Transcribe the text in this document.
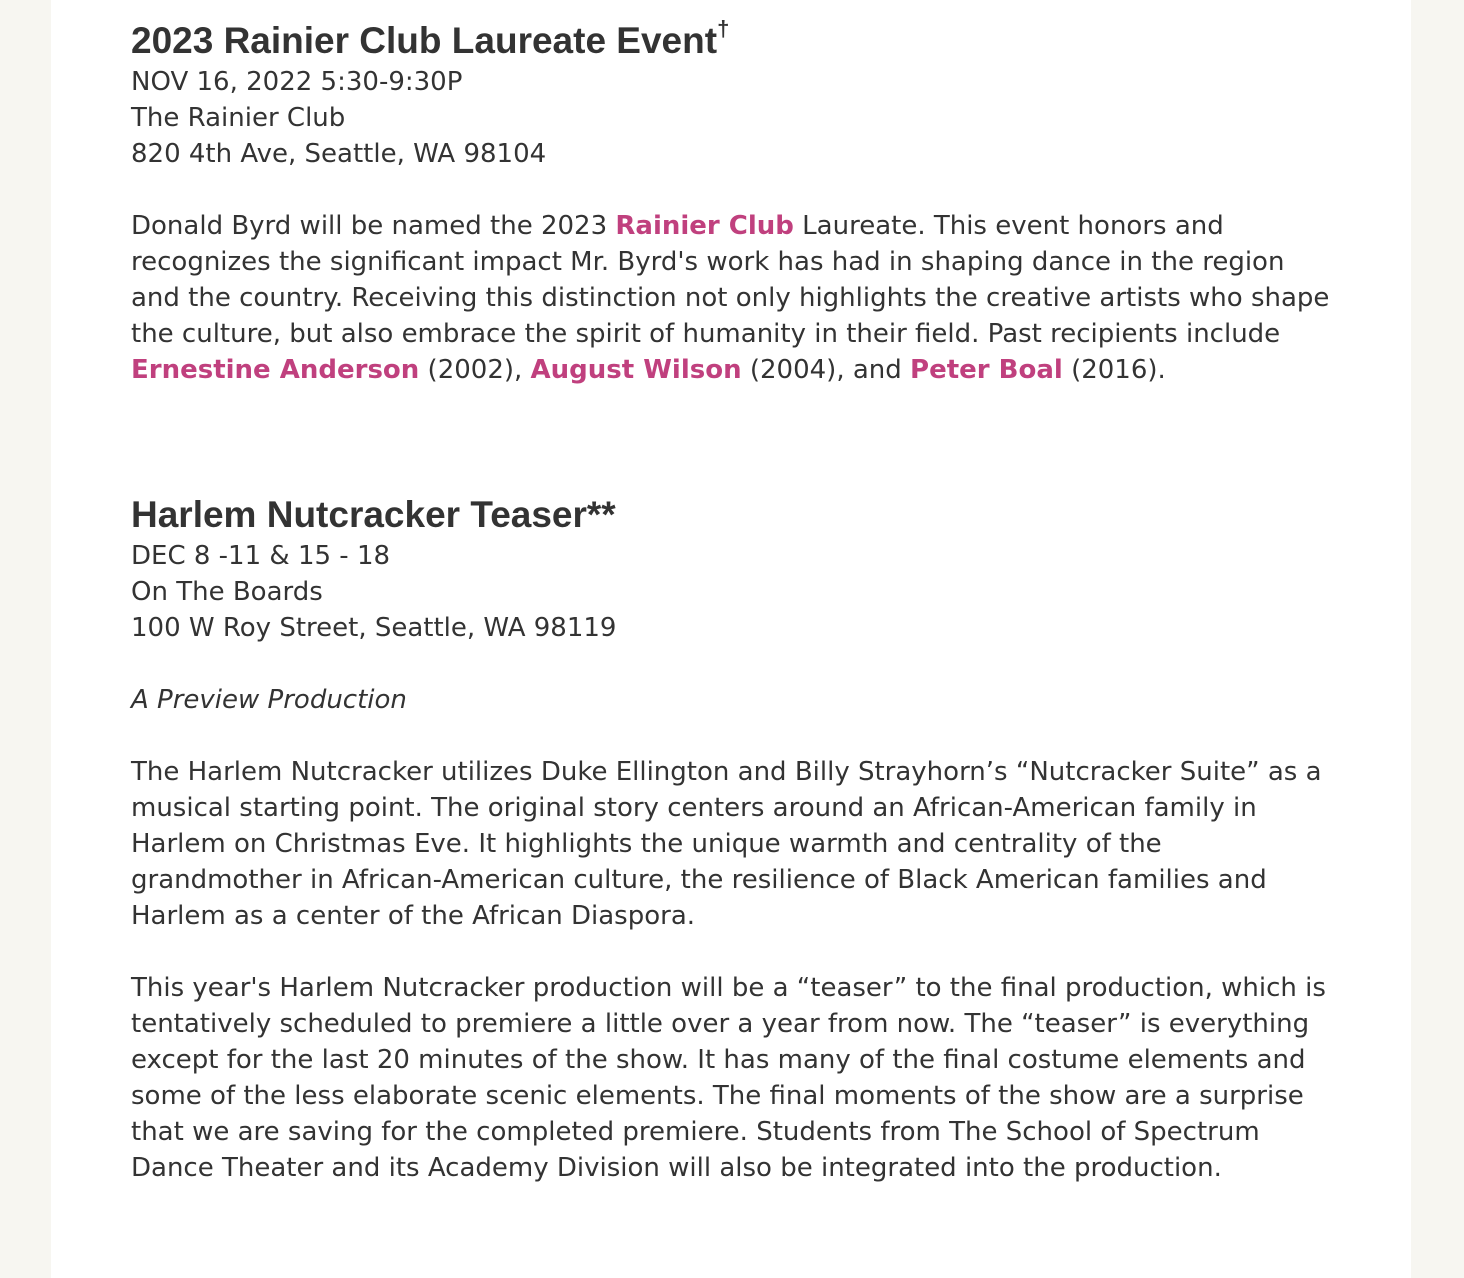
2023 Rainier Club Laureate Event†
NOV 16, 2022 5:30-9:30P
The Rainier Club
820 4th Ave, Seattle, WA 98104

Donald Byrd will be named the 2023 Rainier Club Laureate. This event honors and recognizes the significant impact Mr. Byrd's work has had in shaping dance in the region and the country. Receiving this distinction not only highlights the creative artists who shape the culture, but also embrace the spirit of humanity in their field. Past recipients include Ernestine Anderson (2002), August Wilson (2004), and Peter Boal (2016).

Harlem Nutcracker Teaser**
DEC 8 -11 & 15 - 18
On The Boards
100 W Roy Street, Seattle, WA 98119

A Preview Production

The Harlem Nutcracker utilizes Duke Ellington and Billy Strayhorn’s “Nutcracker Suite” as a musical starting point. The original story centers around an African-American family in Harlem on Christmas Eve. It highlights the unique warmth and centrality of the grandmother in African-American culture, the resilience of Black American families and Harlem as a center of the African Diaspora.

This year's Harlem Nutcracker production will be a “teaser” to the final production, which is tentatively scheduled to premiere a little over a year from now. The “teaser” is everything except for the last 20 minutes of the show. It has many of the final costume elements and some of the less elaborate scenic elements. The final moments of the show are a surprise that we are saving for the completed premiere. Students from The School of Spectrum Dance Theater and its Academy Division will also be integrated into the production.
